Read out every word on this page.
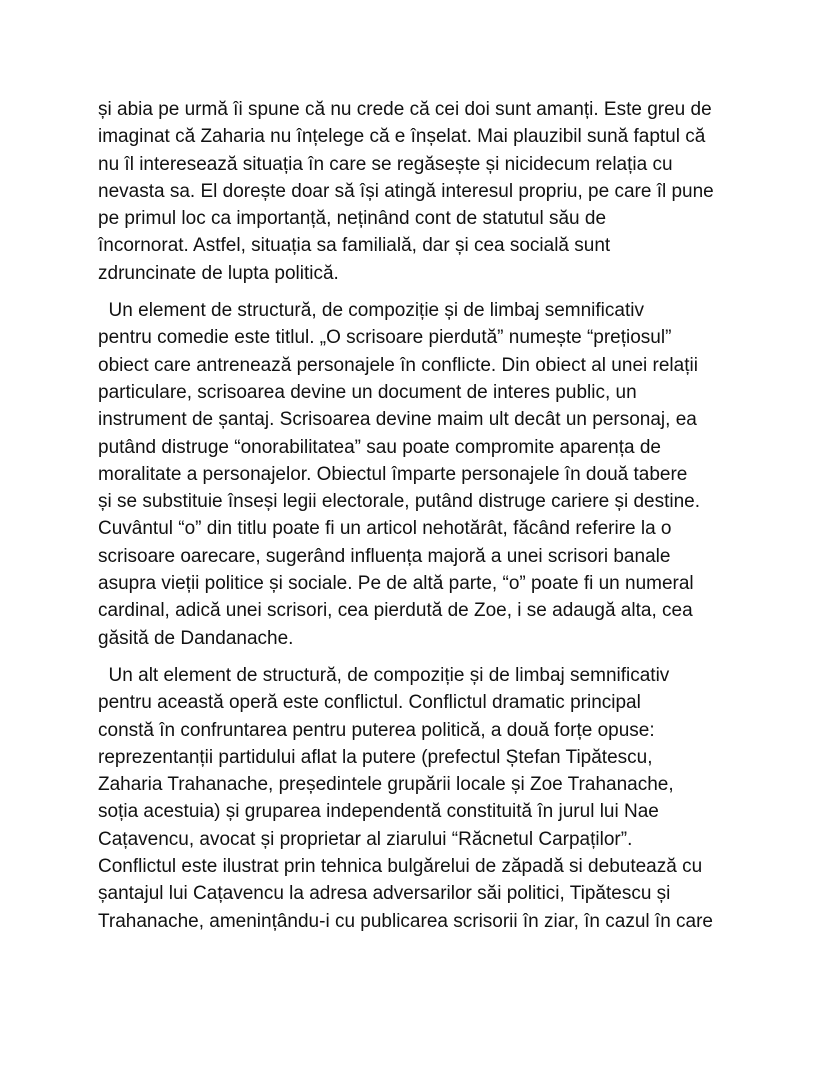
și abia pe urmă îi spune că nu crede că cei doi sunt amanți. Este greu de
imaginat că Zaharia nu înțelege că e înșelat. Mai plauzibil sună faptul că
nu îl interesează situația în care se regăsește și nicidecum relația cu
nevasta sa. El dorește doar să își atingă interesul propriu, pe care îl pune
pe primul loc ca importanță, neținând cont de statutul său de
încornorat. Astfel, situația sa familială, dar și cea socială sunt
zdruncinate de lupta politică.
Un element de structură, de compoziție și de limbaj semnificativ
pentru comedie este titlul. „O scrisoare pierdută” numește “prețiosul”
obiect care antrenează personajele în conflicte. Din obiect al unei relații
particulare, scrisoarea devine un document de interes public, un
instrument de șantaj. Scrisoarea devine maim ult decât un personaj, ea
putând distruge “onorabilitatea” sau poate compromite aparența de
moralitate a personajelor. Obiectul împarte personajele în două tabere
și se substituie înseși legii electorale, putând distruge cariere și destine.
Cuvântul “o” din titlu poate fi un articol nehotărât, făcând referire la o
scrisoare oarecare, sugerând influența majoră a unei scrisori banale
asupra vieții politice și sociale. Pe de altă parte, “o” poate fi un numeral
cardinal, adică unei scrisori, cea pierdută de Zoe, i se adaugă alta, cea
găsită de Dandanache.
Un alt element de structură, de compoziție și de limbaj semnificativ
pentru această operă este conflictul. Conflictul dramatic principal
constă în confruntarea pentru puterea politică, a două forțe opuse:
reprezentanții partidului aflat la putere (prefectul Ștefan Tipătescu,
Zaharia Trahanache, președintele grupării locale și Zoe Trahanache,
soția acestuia) și gruparea independentă constituită în jurul lui Nae
Cațavencu, avocat și proprietar al ziarului “Răcnetul Carpaților”.
Conflictul este ilustrat prin tehnica bulgărelui de zăpadă si debutează cu
șantajul lui Cațavencu la adresa adversarilor săi politici, Tipătescu și
Trahanache, amenințându-i cu publicarea scrisorii în ziar, în cazul în care
